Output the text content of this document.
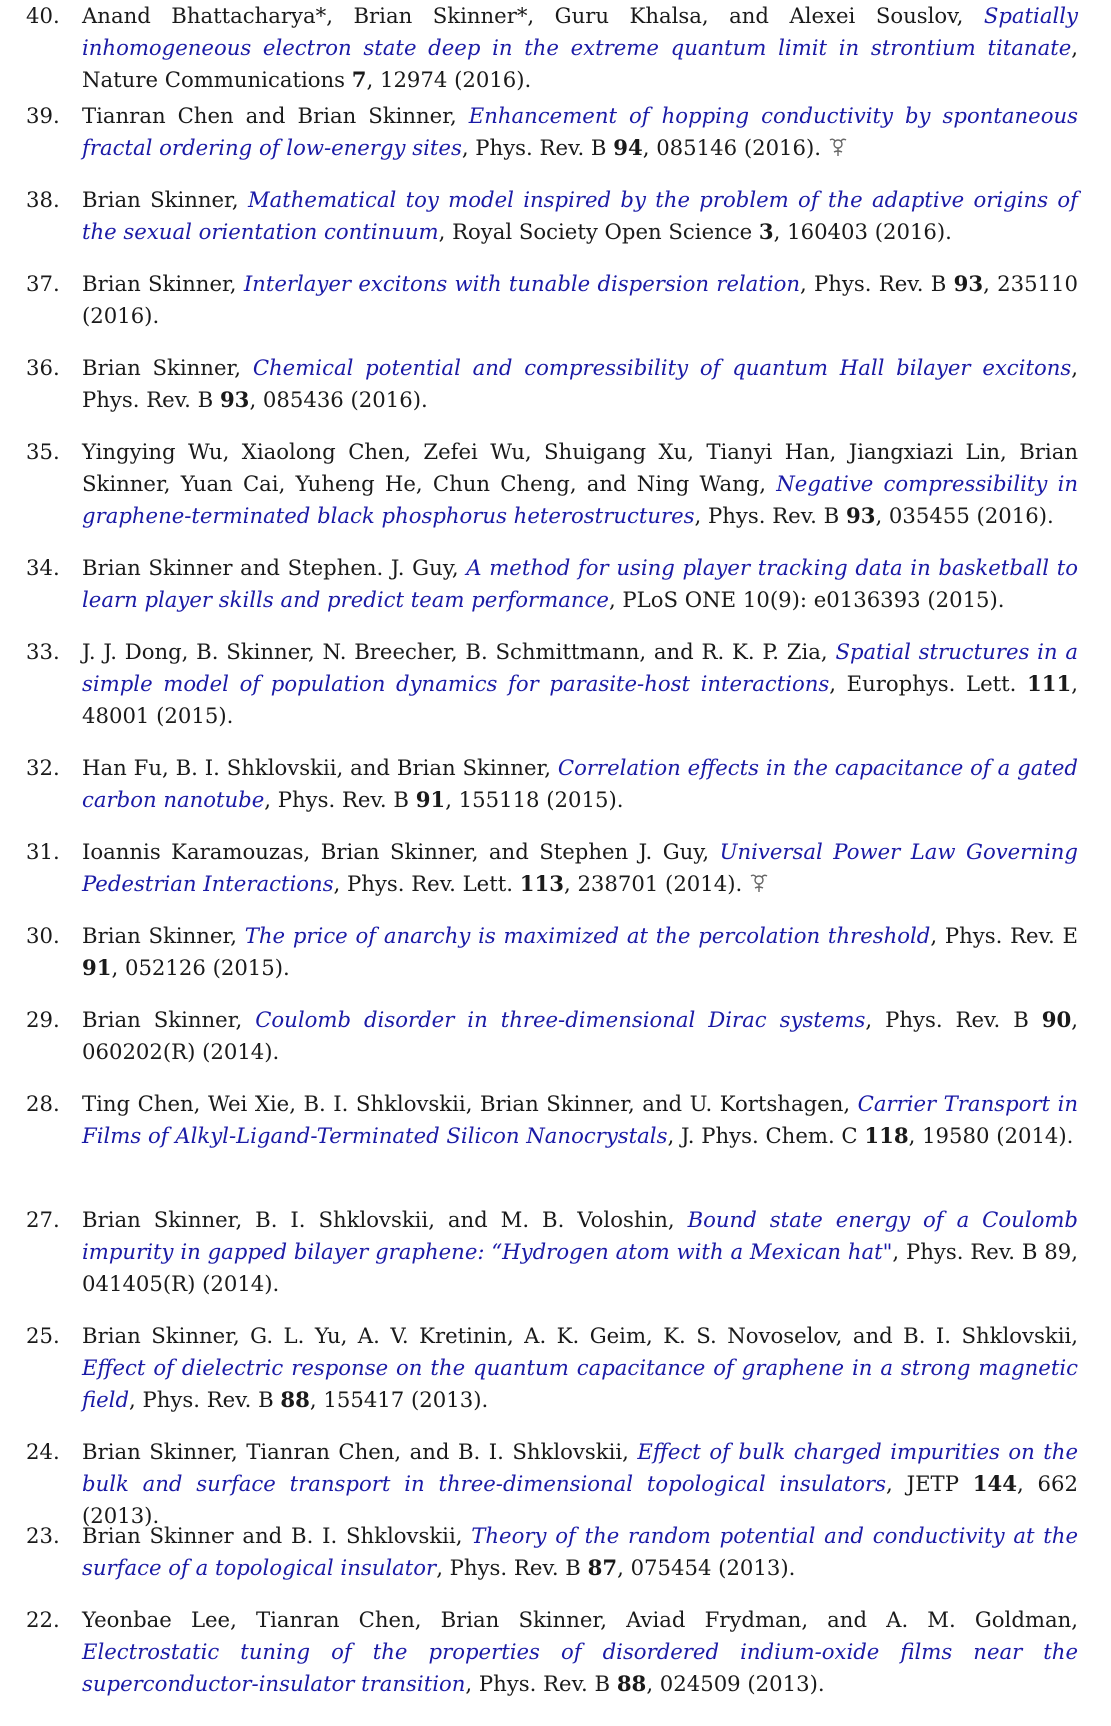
40.	Anand Bhattacharya*, Brian Skinner*, Guru Khalsa, and Alexei Souslov, Spatially inhomogeneous electron state deep in the extreme quantum limit in strontium titanate, Nature Communications 7, 12974 (2016).
39.	Tianran Chen and Brian Skinner, Enhancement of hopping conductivity by spontaneous fractal ordering of low-energy sites, Phys. Rev. B 94, 085146 (2016).
38.	Brian Skinner, Mathematical toy model inspired by the problem of the adaptive origins of the sexual orientation continuum, Royal Society Open Science 3, 160403 (2016).
37.	Brian Skinner, Interlayer excitons with tunable dispersion relation, Phys. Rev. B 93, 235110 (2016).
36.	Brian Skinner, Chemical potential and compressibility of quantum Hall bilayer excitons, Phys. Rev. B 93, 085436 (2016).
35.	Yingying Wu, Xiaolong Chen, Zefei Wu, Shuigang Xu, Tianyi Han, Jiangxiazi Lin, Brian Skinner, Yuan Cai, Yuheng He, Chun Cheng, and Ning Wang, Negative compressibility in graphene-terminated black phosphorus heterostructures, Phys. Rev. B 93, 035455 (2016).
34.	Brian Skinner and Stephen. J. Guy, A method for using player tracking data in basketball to learn player skills and predict team performance, PLoS ONE 10(9): e0136393 (2015).
33.	J. J. Dong, B. Skinner, N. Breecher, B. Schmittmann, and R. K. P. Zia, Spatial structures in a simple model of population dynamics for parasite-host interactions, Europhys. Lett. 111, 48001 (2015).
32.	Han Fu, B. I. Shklovskii, and Brian Skinner, Correlation effects in the capacitance of a gated carbon nanotube, Phys. Rev. B 91, 155118 (2015).
31.	Ioannis Karamouzas, Brian Skinner, and Stephen J. Guy, Universal Power Law Governing Pedestrian Interactions, Phys. Rev. Lett. 113, 238701 (2014).
30.	Brian Skinner, The price of anarchy is maximized at the percolation threshold, Phys. Rev. E 91, 052126 (2015).
29.	Brian Skinner, Coulomb disorder in three-dimensional Dirac systems, Phys. Rev. B 90, 060202(R) (2014).
28.	Ting Chen, Wei Xie, B. I. Shklovskii, Brian Skinner, and U. Kortshagen, Carrier Transport in Films of Alkyl-Ligand-Terminated Silicon Nanocrystals, J. Phys. Chem. C 118, 19580 (2014).
27.	Brian Skinner, B. I. Shklovskii, and M. B. Voloshin, Bound state energy of a Coulomb impurity in gapped bilayer graphene: “Hydrogen atom with a Mexican hat", Phys. Rev. B 89, 041405(R) (2014).
25.	Brian Skinner, G. L. Yu, A. V. Kretinin, A. K. Geim, K. S. Novoselov, and B. I. Shklovskii, Effect of dielectric response on the quantum capacitance of graphene in a strong magnetic field, Phys. Rev. B 88, 155417 (2013).
24.	Brian Skinner, Tianran Chen, and B. I. Shklovskii, Effect of bulk charged impurities on the bulk and surface transport in three-dimensional topological insulators, JETP 144, 662 (2013).
23.	Brian Skinner and B. I. Shklovskii, Theory of the random potential and conductivity at the surface of a topological insulator, Phys. Rev. B 87, 075454 (2013).
22.	Yeonbae Lee, Tianran Chen, Brian Skinner, Aviad Frydman, and A. M. Goldman, Electrostatic tuning of the properties of disordered indium-oxide films near the superconductor-insulator transition, Phys. Rev. B 88, 024509 (2013).
